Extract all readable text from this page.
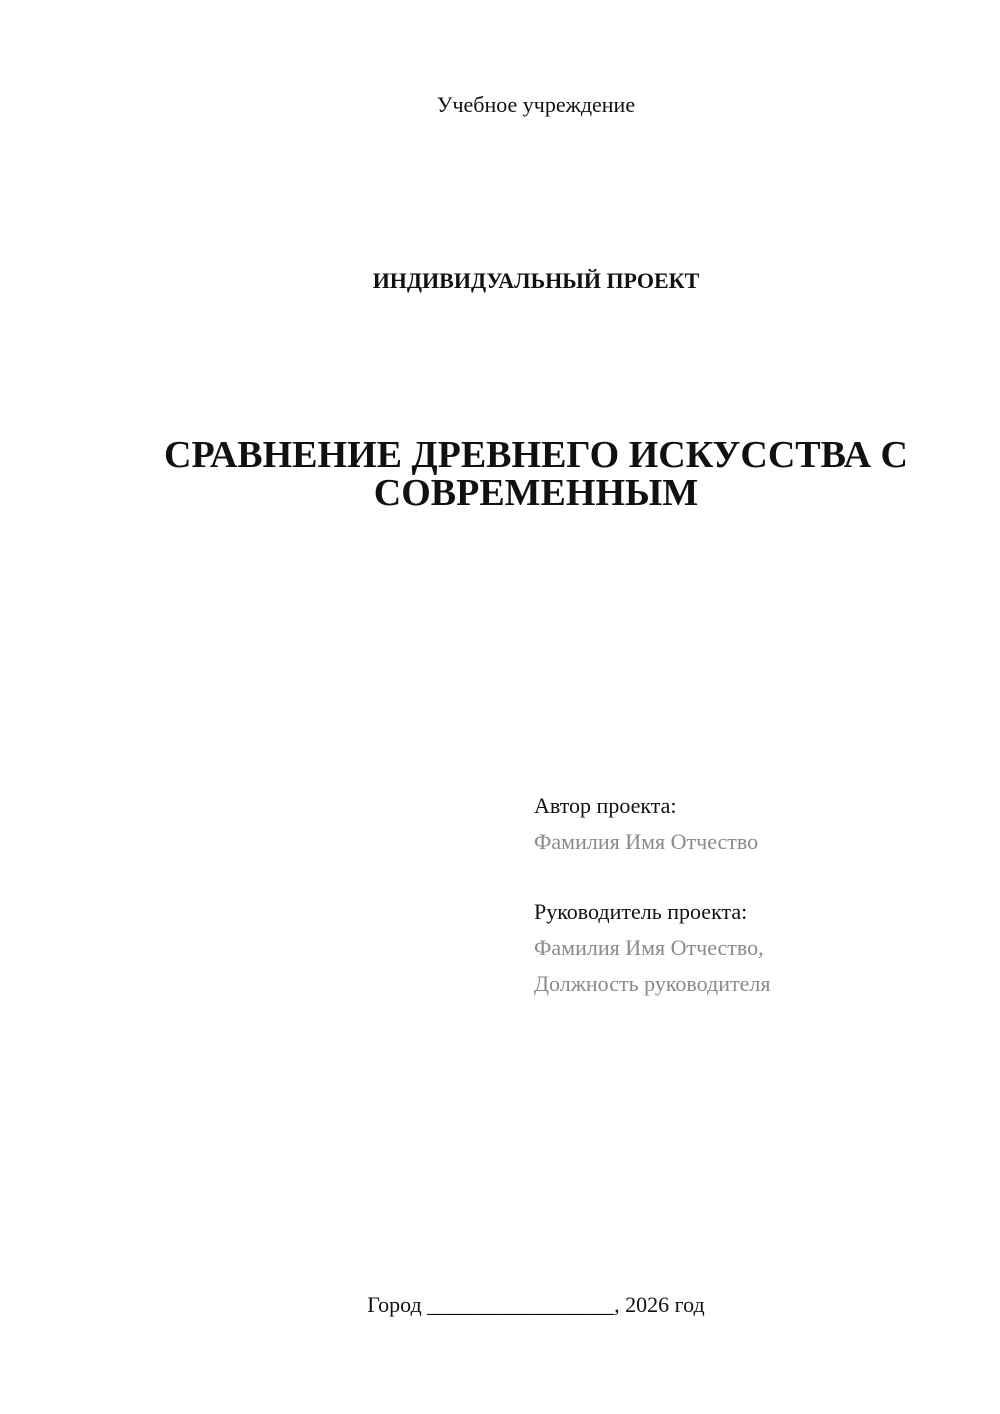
Учебное учреждение
ИНДИВИДУАЛЬНЫЙ ПРОЕКТ
СРАВНЕНИЕ ДРЕВНЕГО ИСКУССТВА С СОВРЕМЕННЫМ
Автор проекта:
Фамилия Имя Отчество
Руководитель проекта:
Фамилия Имя Отчество,
Должность руководителя
Город _________________, 2026 год
